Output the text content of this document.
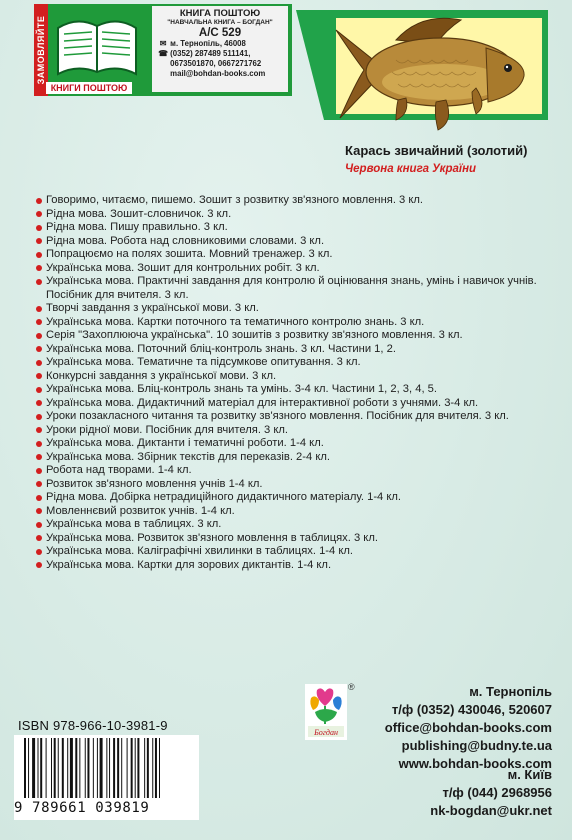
ЗАМОВЛЯЙТЕ
КНИГИ ПОШТОЮ
КНИГА ПОШТОЮ
"НАВЧАЛЬНА КНИГА – БОГДАН"
А/С 529
✉ м. Тернопіль, 46008
☎ (0352) 287489 511141,
0673501870, 0667271762
mail@bohdan-books.com
Карась звичайний (золотий)
Червона книга України
Говоримо, читаємо, пишемо. Зошит з розвитку зв'язного мовлення. 3 кл.
Рідна мова. Зошит-словничок. 3 кл.
Рідна мова. Пишу правильно. 3 кл.
Рідна мова. Робота над словниковими словами. 3 кл.
Попрацюємо на полях зошита. Мовний тренажер. 3 кл.
Українська мова. Зошит для контрольних робіт. 3 кл.
Українська мова. Практичні завдання для контролю й оцінювання знань, умінь і навичок учнів. Посібник для вчителя. 3 кл.
Творчі завдання з української мови. 3 кл.
Українська мова. Картки поточного та тематичного контролю знань. 3 кл.
Серія "Захоплююча українська". 10 зошитів з розвитку зв'язного мовлення. 3 кл.
Українська мова. Поточний бліц-контроль знань. 3 кл. Частини 1, 2.
Українська мова. Тематичне та підсумкове опитування. 3 кл.
Конкурсні завдання з української мови. 3 кл.
Українська мова. Бліц-контроль знань та умінь. 3-4 кл. Частини 1, 2, 3, 4, 5.
Українська мова. Дидактичний матеріал для інтерактивної роботи з учнями. 3-4 кл.
Уроки позакласного читання та розвитку зв'язного мовлення. Посібник для вчителя. 3 кл.
Уроки рідної мови. Посібник для вчителя. 3 кл.
Українська мова. Диктанти і тематичні роботи. 1-4 кл.
Українська мова. Збірник текстів для переказів. 2-4 кл.
Робота над творами. 1-4 кл.
Розвиток зв'язного мовлення учнів 1-4 кл.
Рідна мова. Добірка нетрадиційного дидактичного матеріалу. 1-4 кл.
Мовленнєвий розвиток учнів. 1-4 кл.
Українська мова в таблицях. 3 кл.
Українська мова. Розвиток зв'язного мовлення в таблицях. 3 кл.
Українська мова. Каліграфічні хвилинки в таблицях. 1-4 кл.
Українська мова. Картки для зорових диктантів. 1-4 кл.
Богдан
®	м. Тернопіль
т/ф (0352) 430046, 520607
office@bohdan-books.com
publishing@budny.te.ua
www.bohdan-books.com
м. Київ
т/ф (044) 2968956
nk-bogdan@ukr.net
ISBN 978-966-10-3981-9
9 789661 039819
